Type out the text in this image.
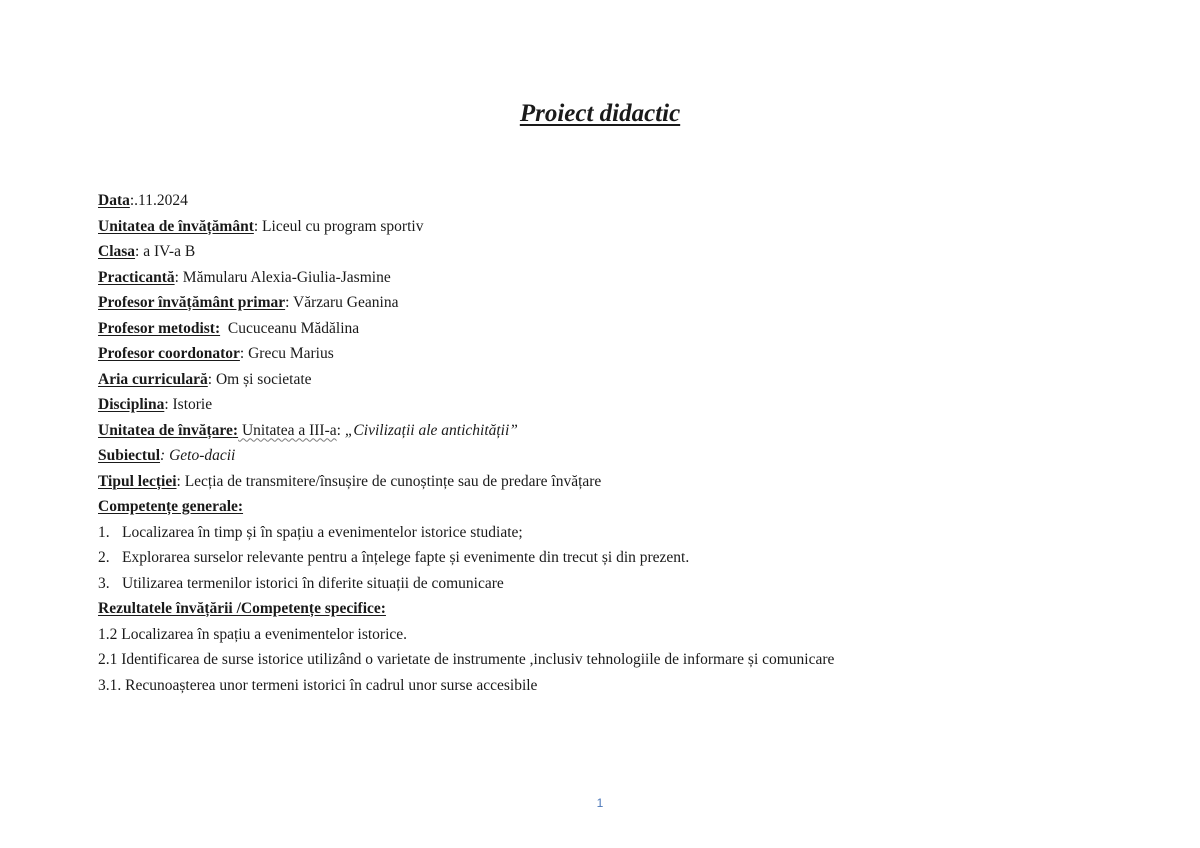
Proiect didactic
Data:.11.2024
Unitatea de învățământ: Liceul cu program sportiv
Clasa: a IV-a B
Practicantă: Mămularu Alexia-Giulia-Jasmine
Profesor învățământ primar: Vărzaru Geanina
Profesor metodist:  Cucuceanu Mădălina
Profesor coordonator: Grecu Marius
Aria curriculară: Om și societate
Disciplina: Istorie
Unitatea de învățare: Unitatea a III-a: „Civilizații ale antichității”
Subiectul: Geto-dacii
Tipul lecției: Lecția de transmitere/însușire de cunoștințe sau de predare învățare
Competențe generale:
1. Localizarea în timp și în spațiu a evenimentelor istorice studiate;
2. Explorarea surselor relevante pentru a înțelege fapte și evenimente din trecut și din prezent.
3. Utilizarea termenilor istorici în diferite situații de comunicare
Rezultatele învățării /Competențe specifice:
1.2 Localizarea în spațiu a evenimentelor istorice.
2.1 Identificarea de surse istorice utilizând o varietate de instrumente ,inclusiv tehnologiile de informare și comunicare
3.1. Recunoașterea unor termeni istorici în cadrul unor surse accesibile
1
